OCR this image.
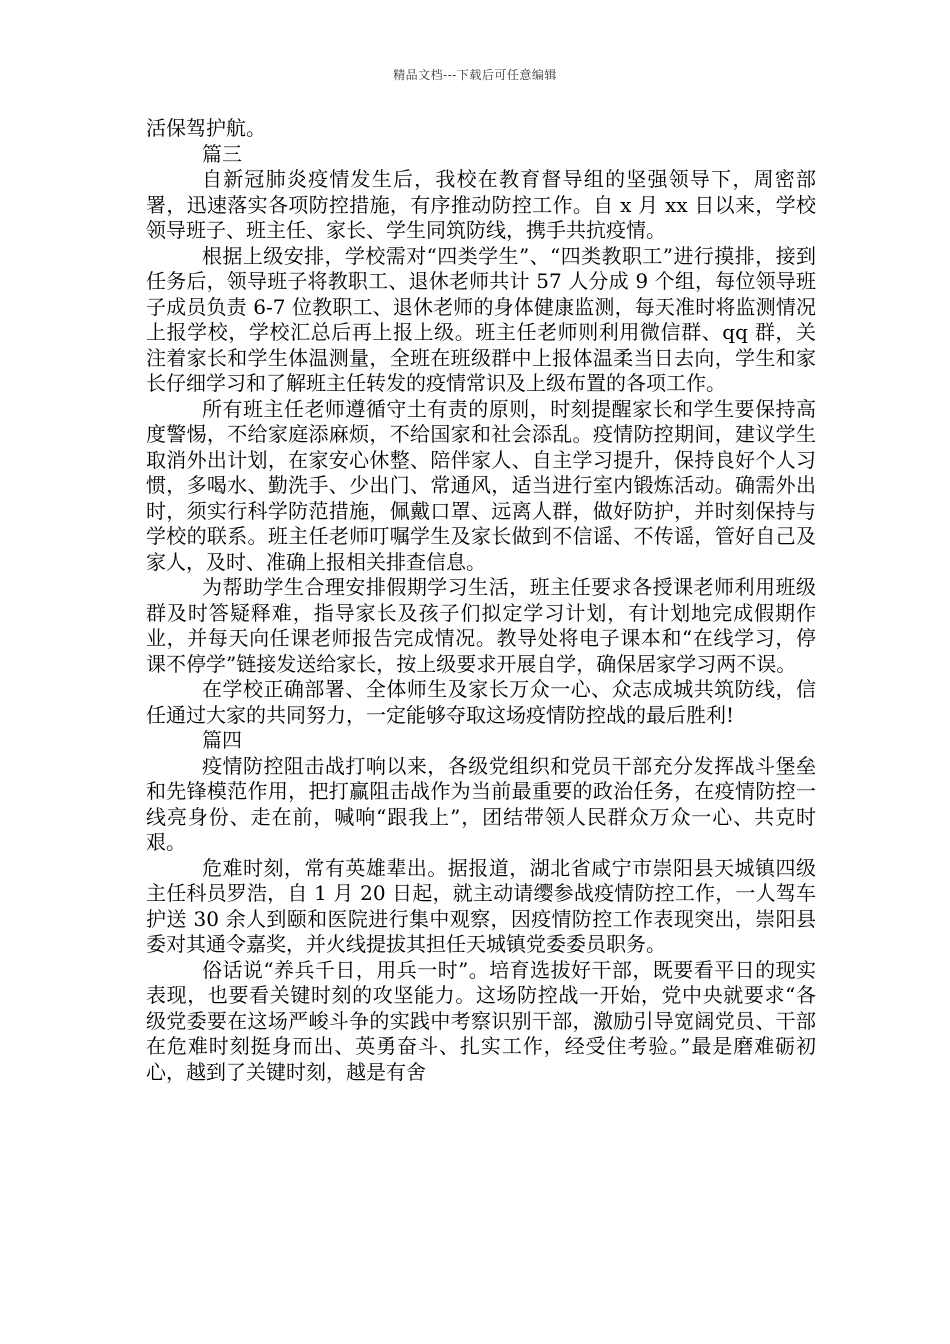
精品文档---下载后可任意编辑

活保驾护航。

篇三

自新冠肺炎疫情发生后，我校在教育督导组的坚强领导下，周密部署，迅速落实各项防控措施，有序推动防控工作。自 x 月 xx 日以来，学校领导班子、班主任、家长、学生同筑防线，携手共抗疫情。

根据上级安排，学校需对“四类学生”、“四类教职工”进行摸排，接到任务后，领导班子将教职工、退休老师共计 57 人分成 9 个组，每位领导班子成员负责 6-7 位教职工、退休老师的身体健康监测，每天准时将监测情况上报学校，学校汇总后再上报上级。班主任老师则利用微信群、qq 群，关注着家长和学生体温测量，全班在班级群中上报体温柔当日去向，学生和家长仔细学习和了解班主任转发的疫情常识及上级布置的各项工作。

所有班主任老师遵循守土有责的原则，时刻提醒家长和学生要保持高度警惕，不给家庭添麻烦，不给国家和社会添乱。疫情防控期间，建议学生取消外出计划，在家安心休整、陪伴家人、自主学习提升，保持良好个人习惯，多喝水、勤洗手、少出门、常通风，适当进行室内锻炼活动。确需外出时，须实行科学防范措施，佩戴口罩、远离人群，做好防护，并时刻保持与学校的联系。班主任老师叮嘱学生及家长做到不信谣、不传谣，管好自己及家人，及时、准确上报相关排查信息。

为帮助学生合理安排假期学习生活，班主任要求各授课老师利用班级群及时答疑释难，指导家长及孩子们拟定学习计划，有计划地完成假期作业，并每天向任课老师报告完成情况。教导处将电子课本和“在线学习，停课不停学”链接发送给家长，按上级要求开展自学，确保居家学习两不误。

在学校正确部署、全体师生及家长万众一心、众志成城共筑防线，信任通过大家的共同努力，一定能够夺取这场疫情防控战的最后胜利!

篇四

疫情防控阻击战打响以来，各级党组织和党员干部充分发挥战斗堡垒和先锋模范作用，把打赢阻击战作为当前最重要的政治任务，在疫情防控一线亮身份、走在前，喊响“跟我上”，团结带领人民群众万众一心、共克时艰。

危难时刻，常有英雄辈出。据报道，湖北省咸宁市崇阳县天城镇四级主任科员罗浩，自 1 月 20 日起，就主动请缨参战疫情防控工作，一人驾车护送 30 余人到颐和医院进行集中观察，因疫情防控工作表现突出，崇阳县委对其通令嘉奖，并火线提拔其担任天城镇党委委员职务。

俗话说“养兵千日，用兵一时”。培育选拔好干部，既要看平日的现实表现，也要看关键时刻的攻坚能力。这场防控战一开始，党中央就要求“各级党委要在这场严峻斗争的实践中考察识别干部，激励引导宽阔党员、干部在危难时刻挺身而出、英勇奋斗、扎实工作，经受住考验。”最是磨难砺初心，越到了关键时刻，越是有舍
